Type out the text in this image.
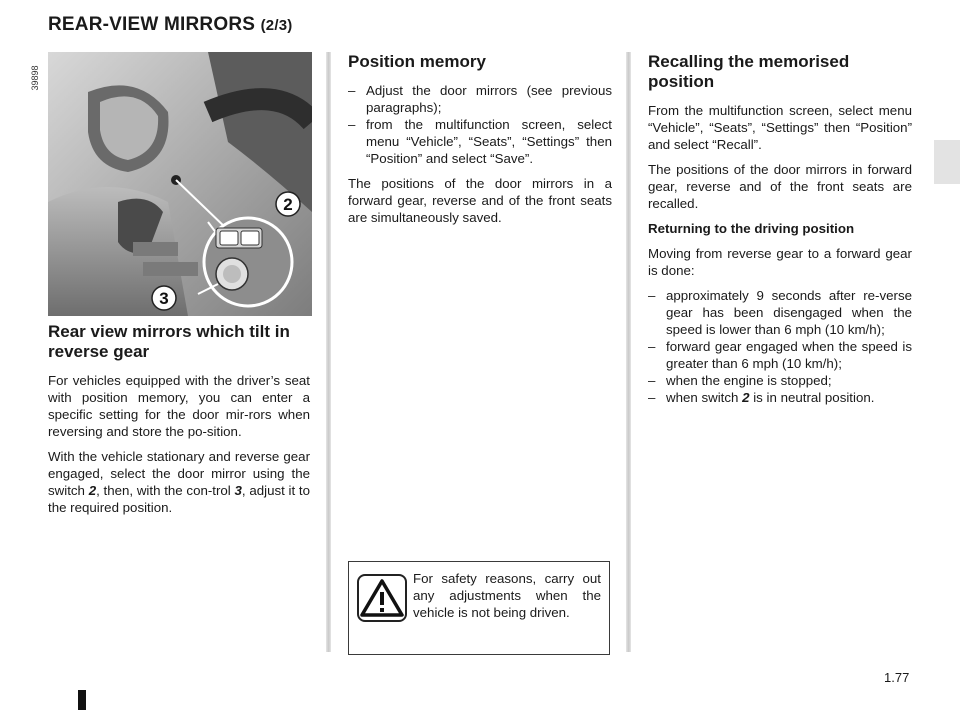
REAR-VIEW MIRRORS (2/3)
39898
2
3
Rear view mirrors which tilt in reverse gear

For vehicles equipped with the driver’s seat with position memory, you can enter a specific setting for the door mir-rors when reversing and store the po-sition.

With the vehicle stationary and reverse gear engaged, select the door mirror using the switch 2, then, with the con-trol 3, adjust it to the required position.

Position memory
– Adjust the door mirrors (see previous paragraphs);
– from the multifunction screen, select menu “Vehicle”, “Seats”, “Settings” then “Position” and select “Save”.

The positions of the door mirrors in a forward gear, reverse and of the front seats are simultaneously saved.

For safety reasons, carry out any adjustments when the vehicle is not being driven.
Recalling the memorised position

From the multifunction screen, select menu “Vehicle”, “Seats”, “Settings” then “Position” and select “Recall”.

The positions of the door mirrors in forward gear, reverse and of the front seats are recalled.

Returning to the driving position

Moving from reverse gear to a forward gear is done:

– approximately 9 seconds after re-verse gear has been disengaged when the speed is lower than 6 mph (10 km/h);
– forward gear engaged when the speed is greater than 6 mph (10 km/h);
– when the engine is stopped;
– when switch 2 is in neutral position.
1.77
